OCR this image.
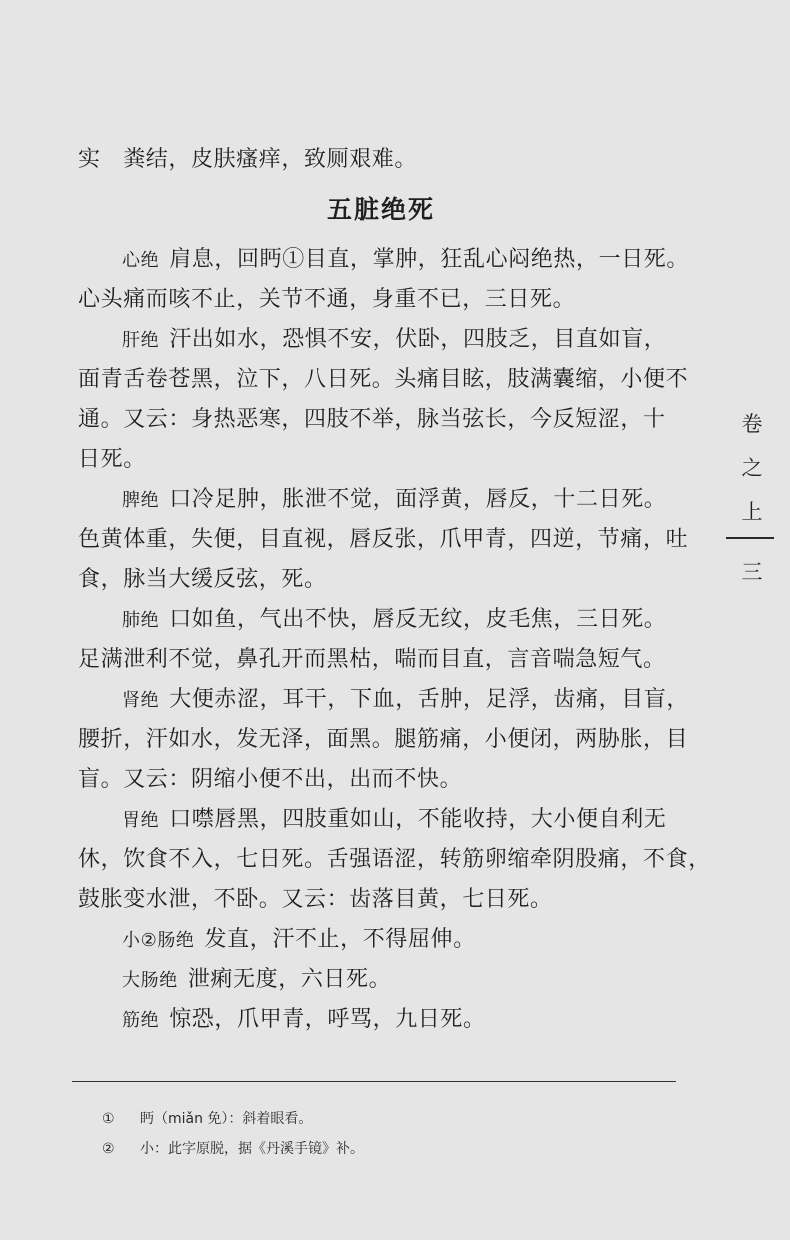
实　粪结，皮肤瘙痒，致厕艰难。
五脏绝死
心绝 肩息，回眄①目直，掌肿，狂乱心闷绝热，一日死。
心头痛而咳不止，关节不通，身重不已，三日死。
肝绝 汗出如水，恐惧不安，伏卧，四肢乏，目直如盲，
面青舌卷苍黑，泣下，八日死。头痛目眩，肢满囊缩，小便不
通。又云：身热恶寒，四肢不举，脉当弦长，今反短涩，十
日死。
脾绝 口冷足肿，胀泄不觉，面浮黄，唇反，十二日死。
色黄体重，失便，目直视，唇反张，爪甲青，四逆，节痛，吐
食，脉当大缓反弦，死。
肺绝 口如鱼，气出不快，唇反无纹，皮毛焦，三日死。
足满泄利不觉，鼻孔开而黑枯，喘而目直，言音喘急短气。
肾绝 大便赤涩，耳干，下血，舌肿，足浮，齿痛，目盲，
腰折，汗如水，发无泽，面黑。腿筋痛，小便闭，两胁胀，目
盲。又云：阴缩小便不出，出而不快。
胃绝 口噤唇黑，四肢重如山，不能收持，大小便自利无
休，饮食不入，七日死。舌强语涩，转筋卵缩牵阴股痛，不食，
鼓胀变水泄，不卧。又云：齿落目黄，七日死。
小②肠绝 发直，汗不止，不得屈伸。
大肠绝 泄痢无度，六日死。
筋绝 惊恐，爪甲青，呼骂，九日死。
卷
之
上
三
① 眄（miǎn 免）：斜着眼看。
② 小：此字原脱，据《丹溪手镜》补。
